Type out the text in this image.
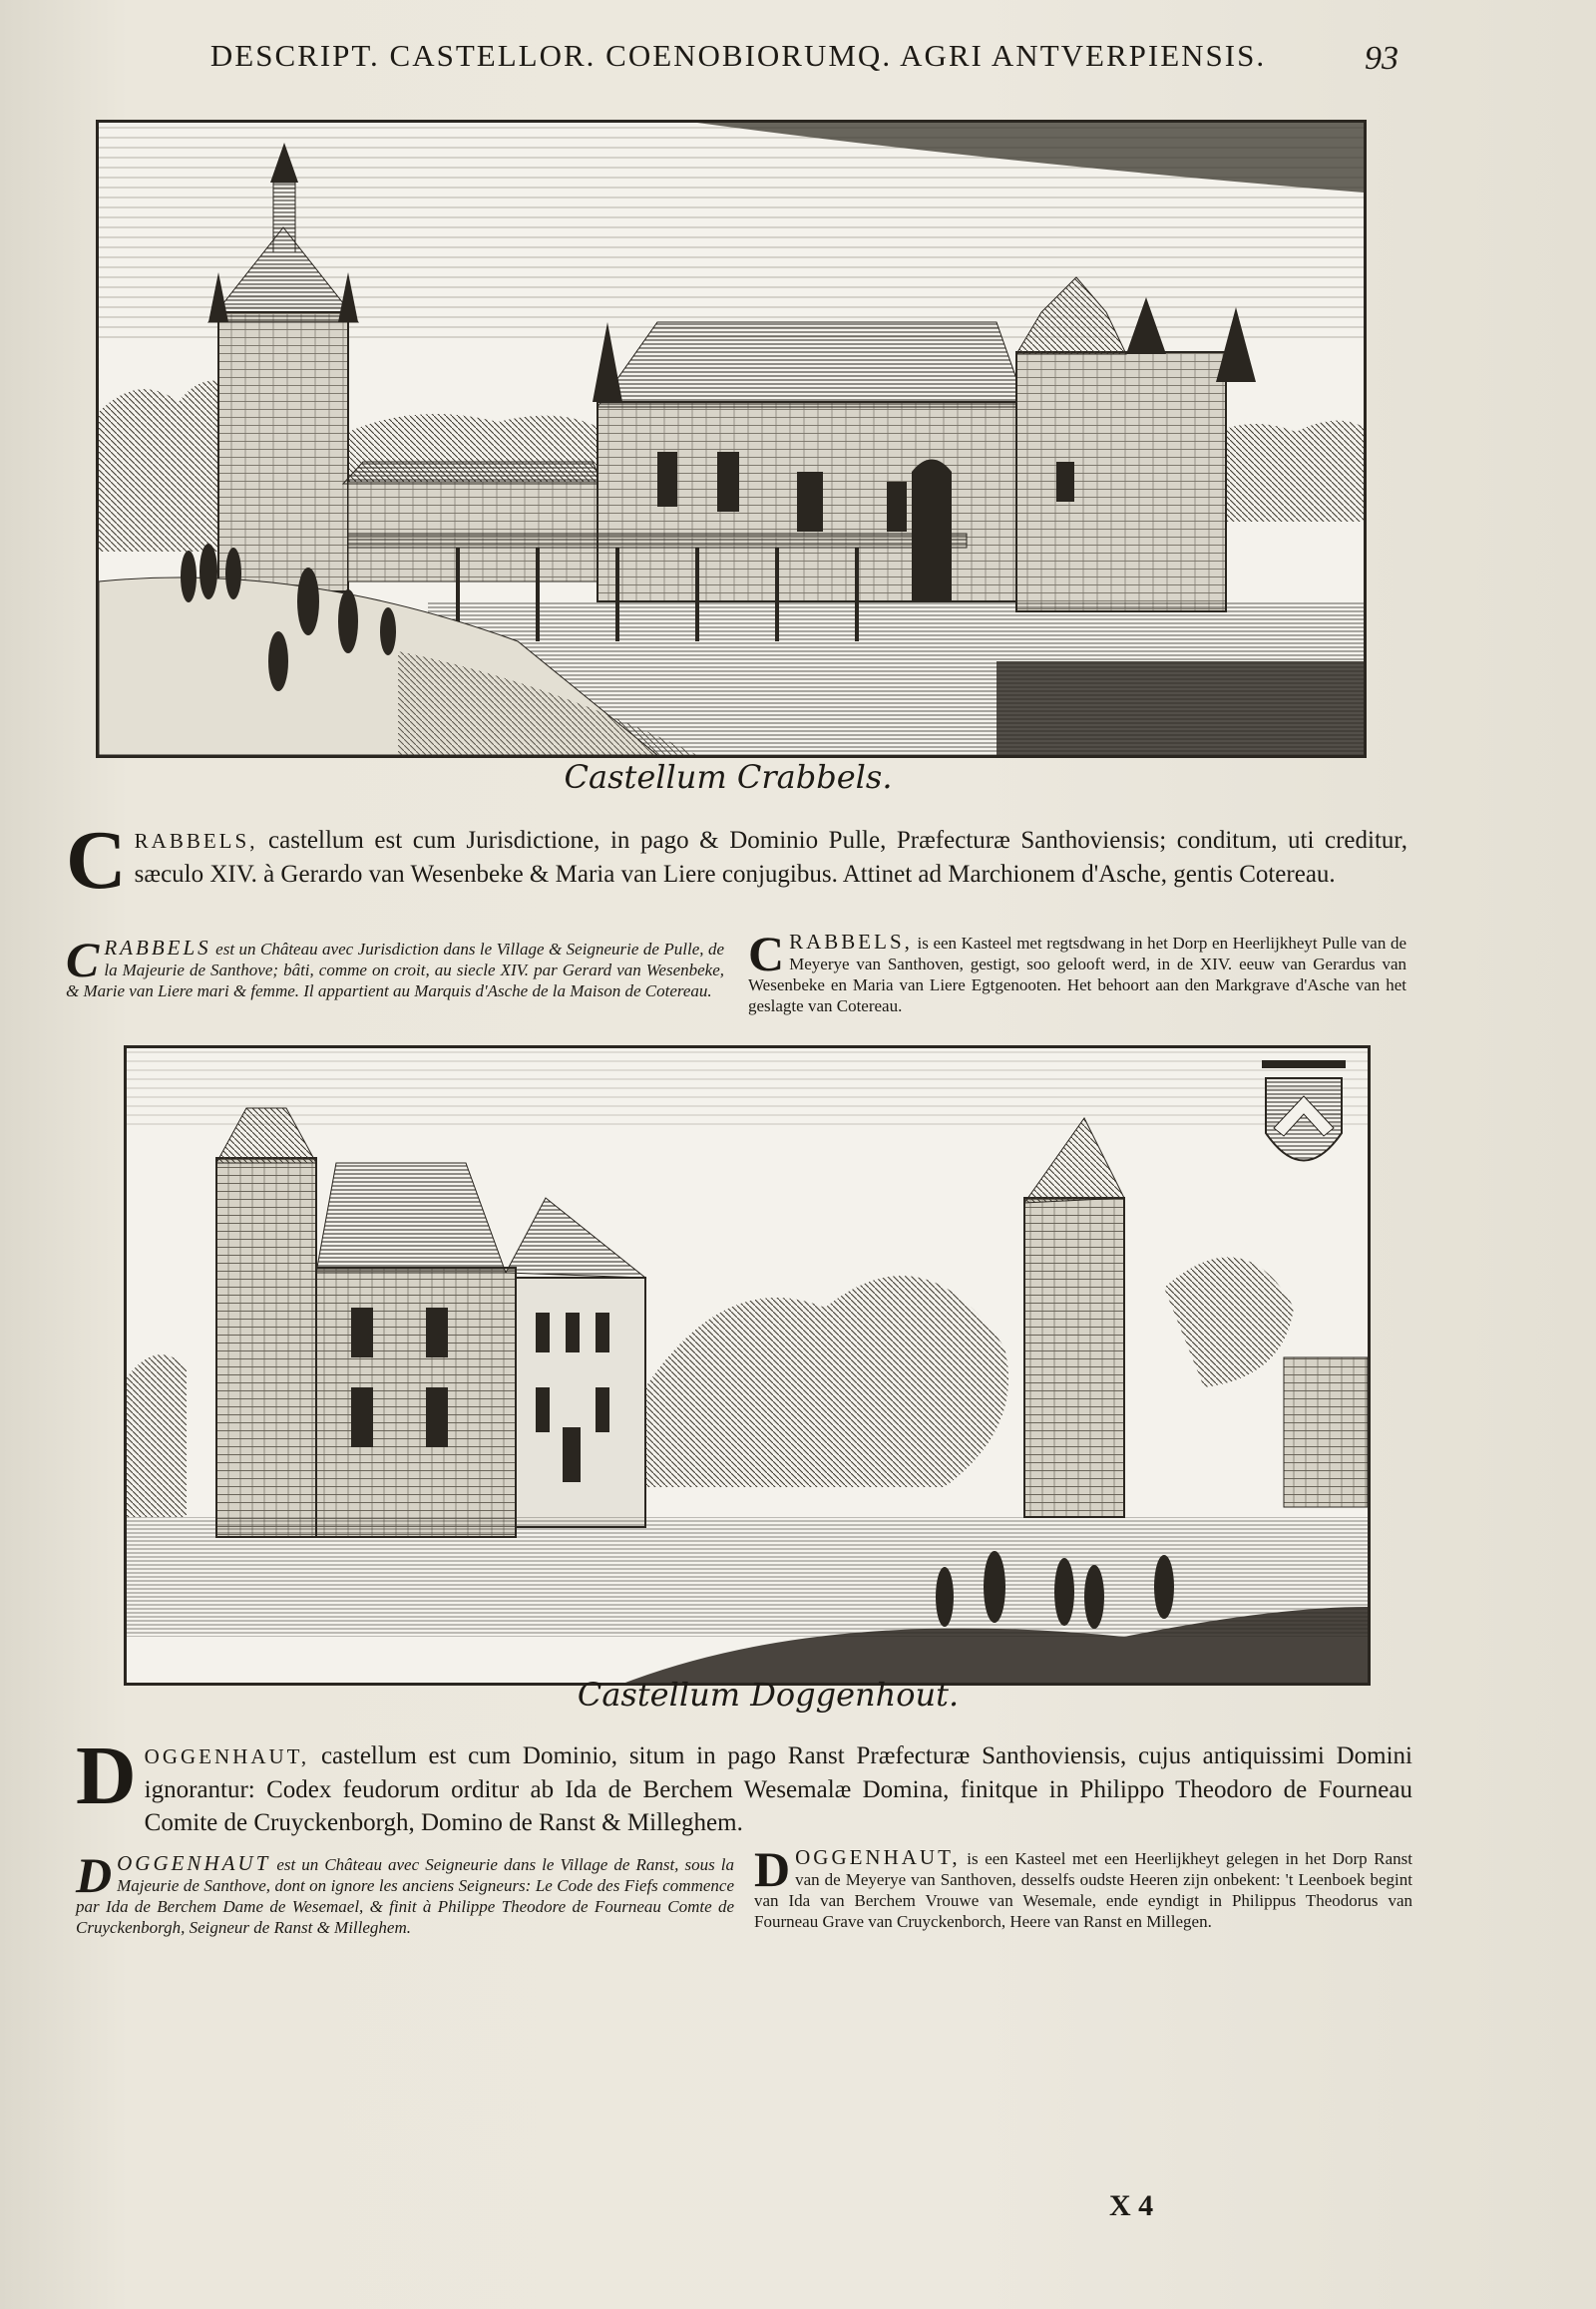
DESCRIPT. CASTELLOR. COENOBIORUMQ. AGRI ANTVERPIENSIS.	93
Castellum Crabbels.
CRABBELS, castellum est cum Jurisdictione, in pago & Dominio Pulle, Præfecturæ Santhoviensis; conditum, uti creditur, sæculo XIV. à Gerardo van Wesenbeke & Maria van Liere conjugibus. Attinet ad Marchionem d'Asche, gentis Cotereau.
CRABBELS est un Château avec Jurisdiction dans le Village & Seigneurie de Pulle, de la Majeurie de Santhove; bâti, comme on croit, au siecle XIV. par Gerard van Wesenbeke, & Marie van Liere mari & femme. Il appartient au Marquis d'Asche de la Maison de Cotereau.
CRABBELS, is een Kasteel met regtsdwang in het Dorp en Heerlijkheyt Pulle van de Meyerye van Santhoven, gestigt, soo gelooft werd, in de XIV. eeuw van Gerardus van Wesenbeke en Maria van Liere Egtgenooten. Het behoort aan den Markgrave d'Asche van het geslagte van Cotereau.
Castellum Doggenhout.
DOGGENHAUT, castellum est cum Dominio, situm in pago Ranst Præfecturæ Santhoviensis, cujus antiquissimi Domini ignorantur: Codex feudorum orditur ab Ida de Berchem Wesemalæ Domina, finitque in Philippo Theodoro de Fourneau Comite de Cruyckenborgh, Domino de Ranst & Milleghem.
DOGGENHAUT est un Château avec Seigneurie dans le Village de Ranst, sous la Majeurie de Santhove, dont on ignore les anciens Seigneurs: Le Code des Fiefs commence par Ida de Berchem Dame de Wesemael, & finit à Philippe Theodore de Fourneau Comte de Cruyckenborgh, Seigneur de Ranst & Milleghem.
DOGGENHAUT, is een Kasteel met een Heerlijkheyt gelegen in het Dorp Ranst van de Meyerye van Santhoven, desselfs oudste Heeren zijn onbekent: 't Leenboek begint van Ida van Berchem Vrouwe van Wesemale, ende eyndigt in Philippus Theodorus van Fourneau Grave van Cruyckenborch, Heere van Ranst en Millegen.
X 4
